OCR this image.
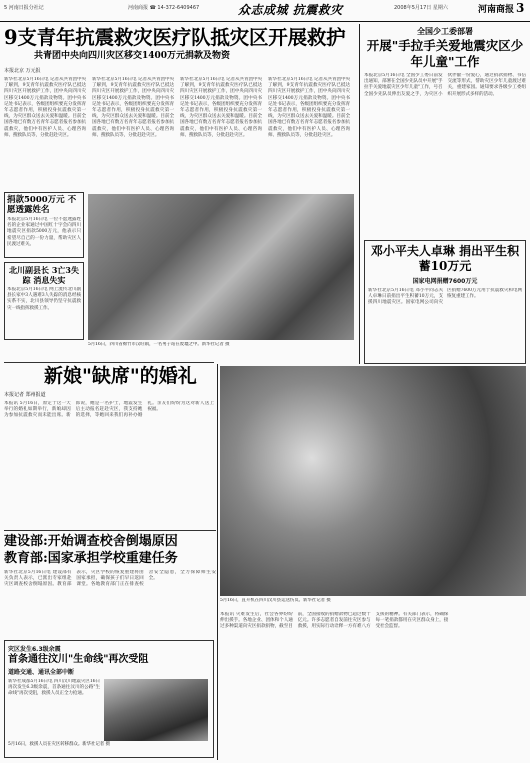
5 河南日报分社记	河南商报 ☎ 14-372-6409467	众志成城 抗震救灾	2008年5月17日 星期六	河南商报 3
9支青年抗震救灾医疗队抵灾区开展救护
共青团中央向四川灾区移交1400万元捐款及物资
本报北京 万元报
新华社北京5月16日电 记者从共青团中央了解到，9支青年抗震救灾医疗队已抵达四川灾区开展救护工作，团中央向四川灾区移交1400万元捐款及物资。团中央书记处书记表示，各级团组织要充分发挥青年志愿者作用，积极投身抗震救灾第一线，为灾区群众送去关爱和温暖。目前全国各地已有数万名青年志愿者报名参加抗震救灾，他们中有医护人员、心理咨询师、搜救队员等，分批赶赴灾区。
新华社北京5月16日电 记者从共青团中央了解到，9支青年抗震救灾医疗队已抵达四川灾区开展救护工作，团中央向四川灾区移交1400万元捐款及物资。团中央书记处书记表示，各级团组织要充分发挥青年志愿者作用，积极投身抗震救灾第一线，为灾区群众送去关爱和温暖。目前全国各地已有数万名青年志愿者报名参加抗震救灾，他们中有医护人员、心理咨询师、搜救队员等，分批赶赴灾区。
新华社北京5月16日电 记者从共青团中央了解到，9支青年抗震救灾医疗队已抵达四川灾区开展救护工作，团中央向四川灾区移交1400万元捐款及物资。团中央书记处书记表示，各级团组织要充分发挥青年志愿者作用，积极投身抗震救灾第一线，为灾区群众送去关爱和温暖。目前全国各地已有数万名青年志愿者报名参加抗震救灾，他们中有医护人员、心理咨询师、搜救队员等，分批赶赴灾区。
新华社北京5月16日电 记者从共青团中央了解到，9支青年抗震救灾医疗队已抵达四川灾区开展救护工作，团中央向四川灾区移交1400万元捐款及物资。团中央书记处书记表示，各级团组织要充分发挥青年志愿者作用，积极投身抗震救灾第一线，为灾区群众送去关爱和温暖。目前全国各地已有数万名青年志愿者报名参加抗震救灾，他们中有医护人员、心理咨询师、搜救队员等，分批赶赴灾区。
全国少工委部署
开展"手拉手关爱地震灾区少年儿童"工作
本报北京5月16日电 全国少工委日前发出通知，部署在全国少先队员中开展"手拉手关爱地震灾区少年儿童"工作，号召全国少先队员伸出友爱之手，为灾区小伙伴献一份爱心，通过捐款捐物、书信交流等形式，帮助灾区少年儿童渡过难关，重建家园。通知要求各级少工委组织开展形式多样的活动。
捐款5000万元 不愿透露姓名
本报北京5月16日电 一位不愿透露姓名的企业家通过中国红十字会向四川地震灾区捐款5000万元，他表示只希望尽自己的一份力量，帮助灾区人民渡过难关。
北川副县长 3亡3失踪 消息失实
本报北京5月16日电 网上流传北川副县长家中3人遇难3人失踪的消息经核实系不实，北川县领导仍坚守抗震救灾一线指挥救援工作。
5月16日，四川省绵竹市汉旺镇，一名男子站在废墟之中。新华社记者 摄
邓小平夫人卓琳 捐出平生积蓄10万元
国家电网捐赠7600万元
新华社北京5月16日电 邓小平同志夫人卓琳日前捐出平生积蓄10万元，支援四川地震灾区。国家电网公司向灾区捐赠7600万元用于抗震救灾和电网恢复重建工作。
新娘"缺席"的婚礼
本报记者 郑州报道
本报讯 5月16日，原定于这一天举行的婚礼如期举行，新娘却因为参加抗震救灾而未能出席。新郎说，她是一名护士，地震发生后主动报名赶赴灾区，我支持她的选择，等她回来我们再补办婚礼。亲友们纷纷为这对新人送上祝福。
5月16日，直升机在四川汶川县运送伤员。新华社记者 摄
建设部:开始调查校舍倒塌原因
教育部:国家承担学校重建任务
新华社北京5月16日电 建设部有关负责人表示，已派出专家组赴灾区调查校舍倒塌原因。教育部表示，灾区学校的恢复重建将由国家承担，确保孩子们早日返回课堂。各地教育部门正在排查校舍安全隐患，全力保障师生安全。
本报讯 灾难发生后，社会各界纷纷伸出援手。各地企业、团体和个人通过多种渠道向灾区捐款捐物，截至目前，全国接收的捐赠款物已超过数十亿元。许多志愿者自发前往灾区参与救援，用实际行动诠释一方有难八方支援的精神。有关部门表示，将确保每一笔捐款都用在灾区群众身上，接受社会监督。
灾区发生6.3级余震
首条通往汶川"生命线"再次受阻
道路交通、通讯全部中断
新华社成都5月16日电 四川汶川地震灾区16日再次发生6.3级余震，首条通往汶川的公路"生命线"再次受阻，救援人员正全力抢通。
5月16日，救援人员在灾区转移群众。新华社记者 摄
